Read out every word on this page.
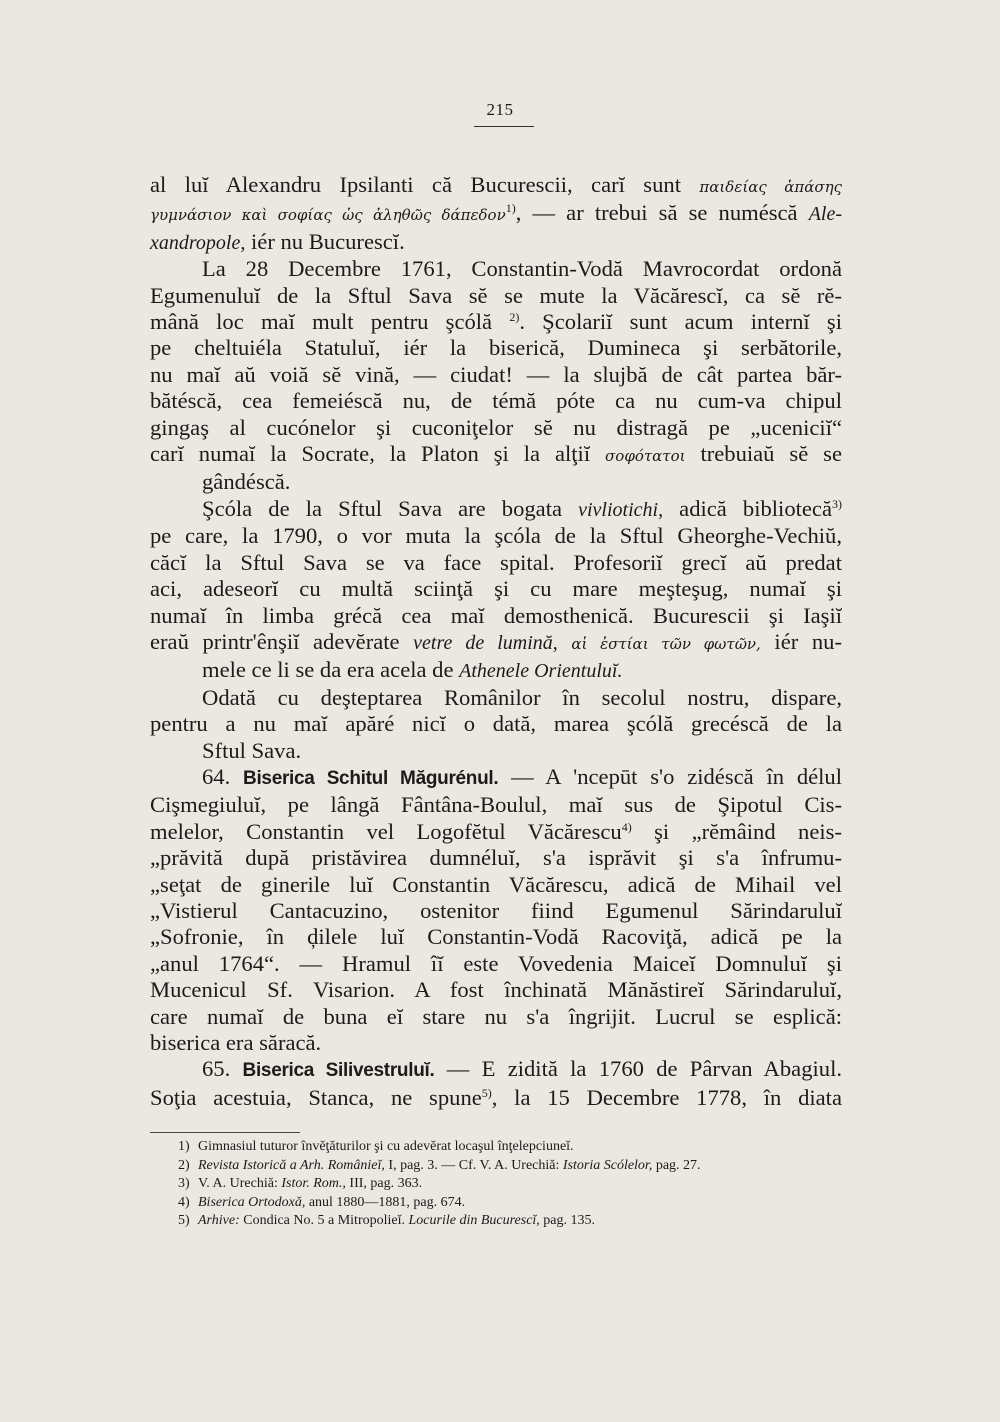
215
al luĭ Alexandru Ipsilanti că Bucurescii, carĭ sunt παιδείας ἁπάσης
γυμνάσιον καὶ σοφίας ὡς ἀληθῶς δάπεδον$^{1)}$, — ar trebui să se numéscă Ale-
xandropole, iér nu Bucurescĭ.
La 28 Decembre 1761, Constantin-Vodă Mavrocordat ordonă
Egumenuluĭ de la Sftul Sava sĕ se mute la Văcărescĭ, ca sĕ rĕ-
mână loc maĭ mult pentru şcólă $^{2)}$. Şcolariĭ sunt acum internĭ şi
pe cheltuiéla Statuluĭ, iér la biserică, Dumineca şi serbătorile,
nu maĭ aŭ voiă sĕ vină, — ciudat! — la slujbă de cât partea băr-
bătéscă, cea femeiéscă nu, de témă póte ca nu cum-va chipul
gingaş al cucónelor şi cuconiţelor sĕ nu distragă pe „uceniciĭ“
carĭ numaĭ la Socrate, la Platon şi la alţiĭ σοφότατοι trebuiaŭ sĕ se
gândéscă.
Şcóla de la Sftul Sava are bogata vivliotichi, adică bibliotecă$^{3)}$
pe care, la 1790, o vor muta la şcóla de la Sftul Gheorghe-Vechiŭ,
căcĭ la Sftul Sava se va face spital. Profesoriĭ grecĭ aŭ predat
aci, adeseorĭ cu multă sciinţă şi cu mare meşteşug, numaĭ şi
numaĭ în limba grécă cea maĭ demosthenică. Bucurescii şi Iaşiĭ
eraŭ printr'ênşiĭ adevĕrate vetre de lumină, αἱ ἑστίαι τῶν φωτῶν, iér nu-
mele ce li se da era acela de Athenele Orientuluĭ.
Odată cu deşteptarea Românilor în secolul nostru, dispare,
pentru a nu maĭ apăré nicĭ o dată, marea şcólă grecéscă de la
Sftul Sava.
64. Biserica Schitul Măgurénul. — A 'ncepūt s'o zidéscă în délul
Cişmegiuluĭ, pe lângă Fântâna-Boulul, maĭ sus de Şipotul Cis-
melelor, Constantin vel Logofĕtul Văcărescu$^{4)}$ şi „rĕmâind neis-
„prăvită după pristăvirea dumnéluĭ, s'a isprăvit şi s'a înfrumu-
„seţat de ginerile luĭ Constantin Văcărescu, adică de Mihail vel
„Vistierul Cantacuzino, ostenitor fiind Egumenul Sărindaruluĭ
„Sofronie, în ḑilele luĭ Constantin-Vodă Racoviţă, adică pe la
„anul 1764“. — Hramul îĭ este Vovedenia Maiceĭ Domnuluĭ şi
Mucenicul Sf. Visarion. A fost închinată Mănăstireĭ Sărindaruluĭ,
care numaĭ de buna eĭ stare nu s'a îngrijit. Lucrul se esplică:
biserica era săracă.
65. Biserica Silivestruluĭ. — E zidită la 1760 de Pârvan Abagiul.
Soţia acestuia, Stanca, ne spune$^{5)}$, la 15 Decembre 1778, în diata
1) Gimnasiul tuturor învĕţăturilor şi cu adevĕrat locaşul înţelepciuneĭ.
2) Revista Istorică a Arh. Românieĭ, I, pag. 3. — Cf. V. A. Urechiă: Istoria Scólelor, pag. 27.
3) V. A. Urechiă: Istor. Rom., III, pag. 363.
4) Biserica Ortodoxă, anul 1880—1881, pag. 674.
5) Arhive: Condica No. 5 a Mitropolieĭ. Locurile din Bucurescĭ, pag. 135.
